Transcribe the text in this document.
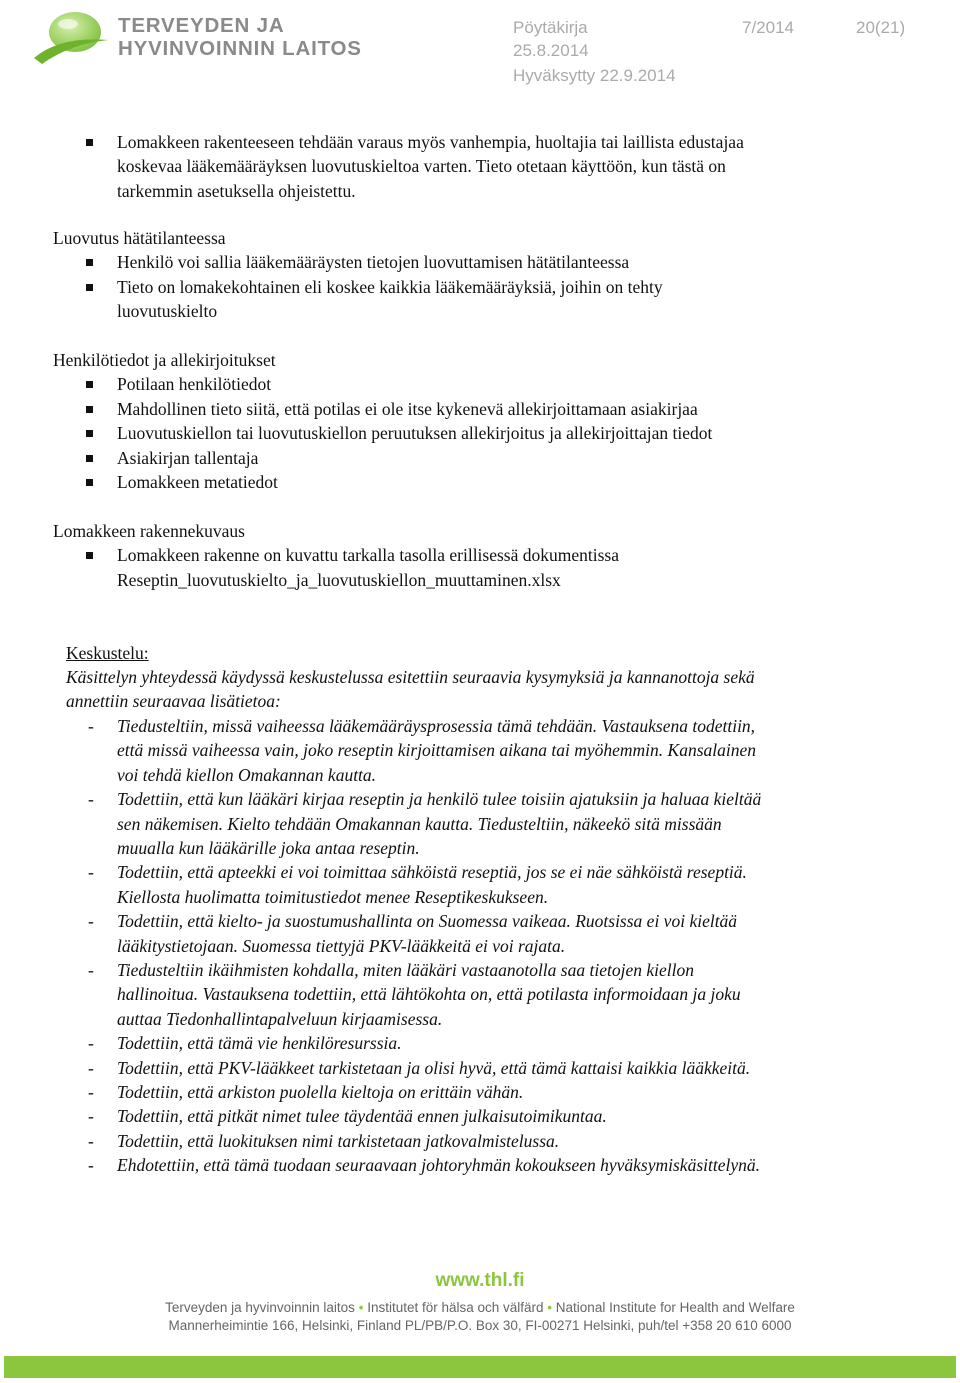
TERVEYDEN JA
HYVINVOINNIN LAITOS
Pöytäkirja	7/2014	20(21)
25.8.2014
Hyväksytty 22.9.2014
Lomakkeen rakenteeseen tehdään varaus myös vanhempia, huoltajia tai laillista edustajaa
koskevaa lääkemääräyksen luovutuskieltoa varten. Tieto otetaan käyttöön, kun tästä on
tarkemmin asetuksella ohjeistettu.
Luovutus hätätilanteessa
Henkilö voi sallia lääkemääräysten tietojen luovuttamisen hätätilanteessa
Tieto on lomakekohtainen eli koskee kaikkia lääkemääräyksiä, joihin on tehty
luovutuskielto
Henkilötiedot ja allekirjoitukset
Potilaan henkilötiedot
Mahdollinen tieto siitä, että potilas ei ole itse kykenevä allekirjoittamaan asiakirjaa
Luovutuskiellon tai luovutuskiellon peruutuksen allekirjoitus ja allekirjoittajan tiedot
Asiakirjan tallentaja
Lomakkeen metatiedot
Lomakkeen rakennekuvaus
Lomakkeen rakenne on kuvattu tarkalla tasolla erillisessä dokumentissa
Reseptin_luovutuskielto_ja_luovutuskiellon_muuttaminen.xlsx
Keskustelu:
Käsittelyn yhteydessä käydyssä keskustelussa esitettiin seuraavia kysymyksiä ja kannanottoja sekä
annettiin seuraavaa lisätietoa:
- Tiedusteltiin, missä vaiheessa lääkemääräysprosessia tämä tehdään. Vastauksena todettiin,
että missä vaiheessa vain, joko reseptin kirjoittamisen aikana tai myöhemmin. Kansalainen
voi tehdä kiellon Omakannan kautta.
- Todettiin, että kun lääkäri kirjaa reseptin ja henkilö tulee toisiin ajatuksiin ja haluaa kieltää
sen näkemisen. Kielto tehdään Omakannan kautta. Tiedusteltiin, näkeekö sitä missään
muualla kun lääkärille joka antaa reseptin.
- Todettiin, että apteekki ei voi toimittaa sähköistä reseptiä, jos se ei näe sähköistä reseptiä.
Kiellosta huolimatta toimitustiedot menee Reseptikeskukseen.
- Todettiin, että kielto- ja suostumushallinta on Suomessa vaikeaa. Ruotsissa ei voi kieltää
lääkitystietojaan. Suomessa tiettyjä PKV-lääkkeitä ei voi rajata.
- Tiedusteltiin ikäihmisten kohdalla, miten lääkäri vastaanotolla saa tietojen kiellon
hallinoitua. Vastauksena todettiin, että lähtökohta on, että potilasta informoidaan ja joku
auttaa Tiedonhallintapalveluun kirjaamisessa.
- Todettiin, että tämä vie henkilöresurssia.
- Todettiin, että PKV-lääkkeet tarkistetaan ja olisi hyvä, että tämä kattaisi kaikkia lääkkeitä.
- Todettiin, että arkiston puolella kieltoja on erittäin vähän.
- Todettiin, että pitkät nimet tulee täydentää ennen julkaisutoimikuntaa.
- Todettiin, että luokituksen nimi tarkistetaan jatkovalmistelussa.
- Ehdotettiin, että tämä tuodaan seuraavaan johtoryhmän kokoukseen hyväksymiskäsittelynä.
www.thl.fi
Terveyden ja hyvinvoinnin laitos • Institutet för hälsa och välfärd • National Institute for Health and Welfare
Mannerheimintie 166, Helsinki, Finland PL/PB/P.O. Box 30, FI-00271 Helsinki, puh/tel +358 20 610 6000
